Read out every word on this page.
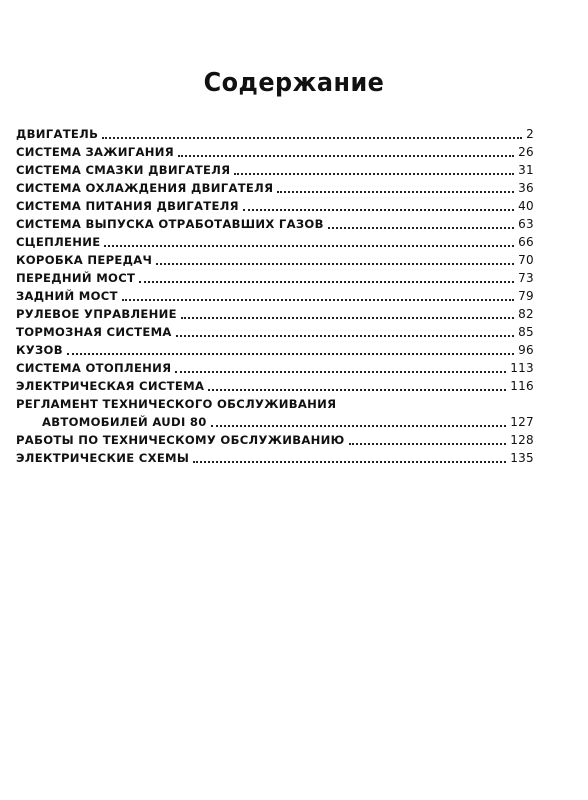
Содержание
ДВИГАТЕЛЬ	2
СИСТЕМА ЗАЖИГАНИЯ	26
СИСТЕМА СМАЗКИ ДВИГАТЕЛЯ	31
СИСТЕМА ОХЛАЖДЕНИЯ ДВИГАТЕЛЯ	36
СИСТЕМА ПИТАНИЯ ДВИГАТЕЛЯ	40
СИСТЕМА ВЫПУСКА ОТРАБОТАВШИХ ГАЗОВ	63
СЦЕПЛЕНИЕ	66
КОРОБКА ПЕРЕДАЧ	70
ПЕРЕДНИЙ МОСТ	73
ЗАДНИЙ МОСТ	79
РУЛЕВОЕ УПРАВЛЕНИЕ	82
ТОРМОЗНАЯ СИСТЕМА	85
КУЗОВ	96
СИСТЕМА ОТОПЛЕНИЯ	113
ЭЛЕКТРИЧЕСКАЯ СИСТЕМА	116
РЕГЛАМЕНТ ТЕХНИЧЕСКОГО ОБСЛУЖИВАНИЯ
АВТОМОБИЛЕЙ AUDI 80	127
РАБОТЫ ПО ТЕХНИЧЕСКОМУ ОБСЛУЖИВАНИЮ	128
ЭЛЕКТРИЧЕСКИЕ СХЕМЫ	135
